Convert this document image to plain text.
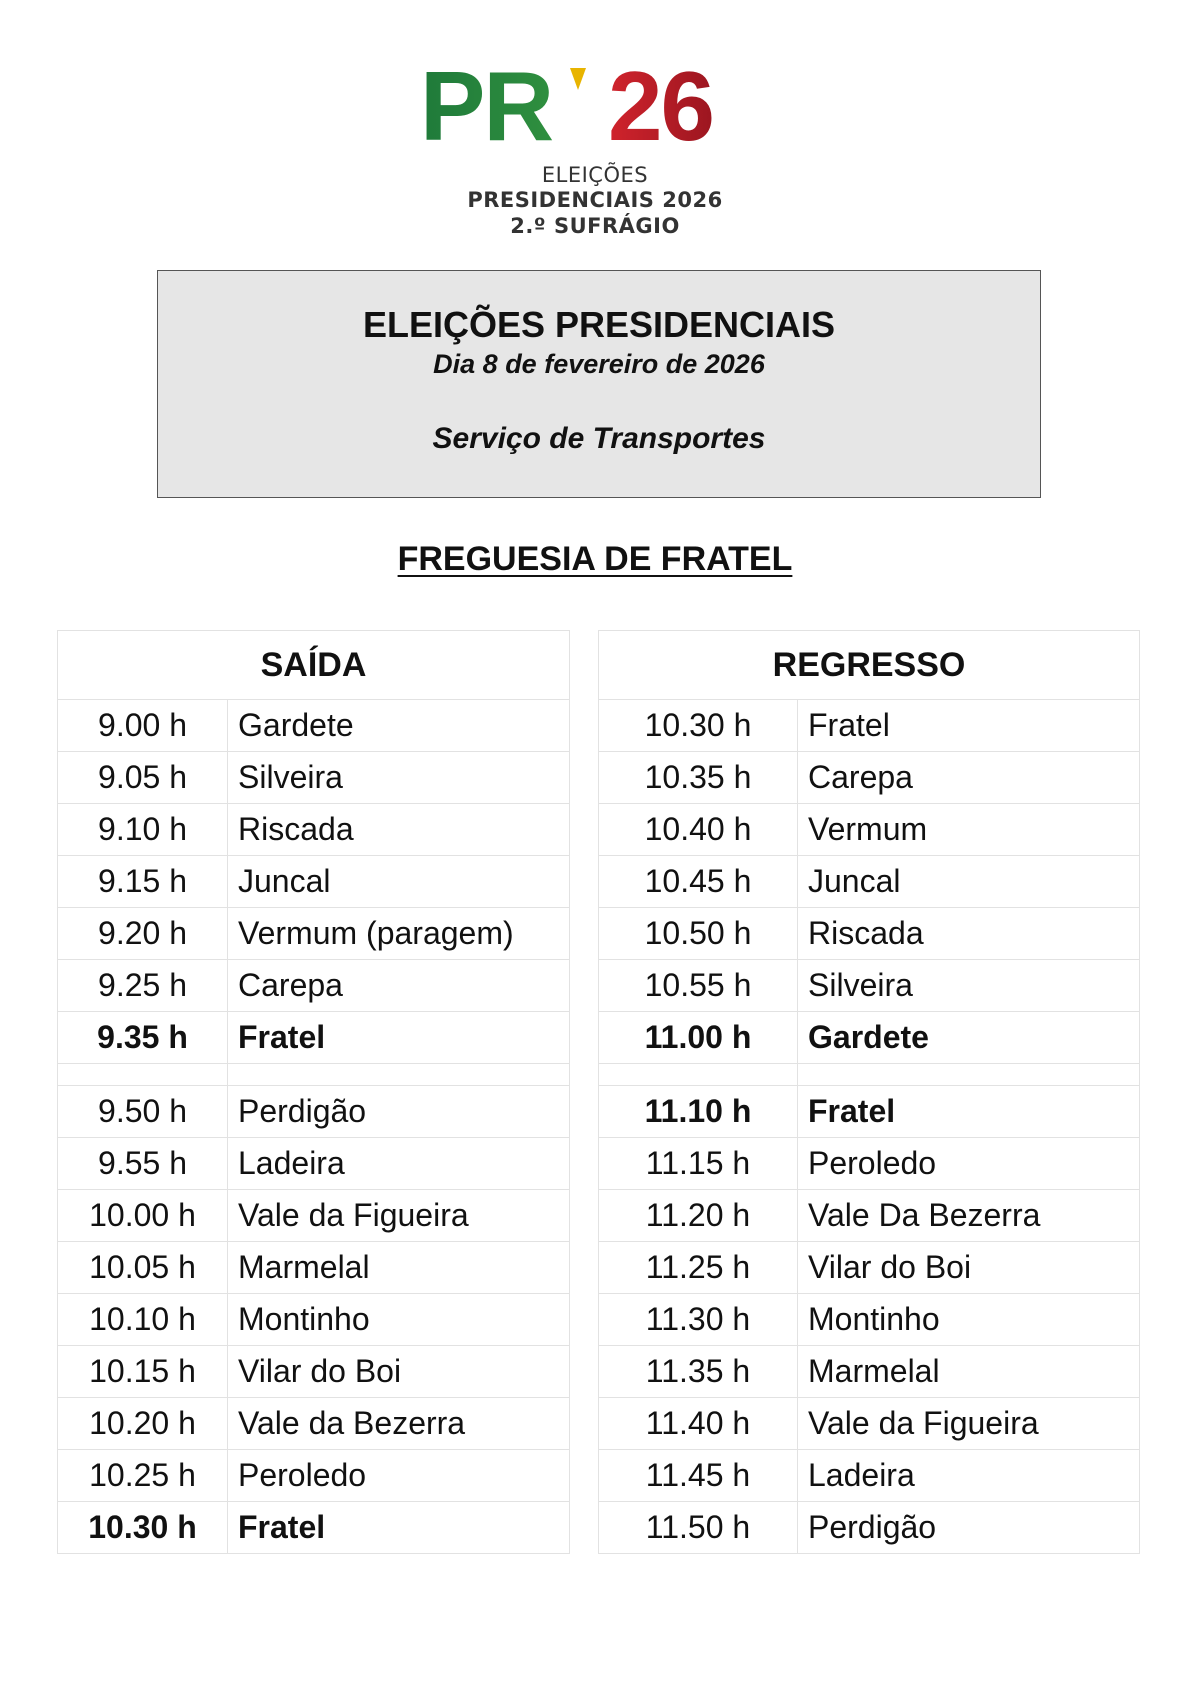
PR 26
ELEIÇÕES
PRESIDENCIAIS 2026
2.º SUFRÁGIO
ELEIÇÕES PRESIDENCIAIS
Dia 8 de fevereiro de 2026
Serviço de Transportes
FREGUESIA DE FRATEL
SAÍDA	
9.00 h	Gardete
9.05 h	Silveira
9.10 h	Riscada
9.15 h	Juncal
9.20 h	Vermum (paragem)
9.25 h	Carepa
9.35 h	Fratel

9.50 h	Perdigão
9.55 h	Ladeira
10.00 h	Vale da Figueira
10.05 h	Marmelal
10.10 h	Montinho
10.15 h	Vilar do Boi
10.20 h	Vale da Bezerra
10.25 h	Peroledo
10.30 h	Fratel
REGRESSO	
10.30 h	Fratel
10.35 h	Carepa
10.40 h	Vermum
10.45 h	Juncal
10.50 h	Riscada
10.55 h	Silveira
11.00 h	Gardete

11.10 h	Fratel
11.15 h	Peroledo
11.20 h	Vale Da Bezerra
11.25 h	Vilar do Boi
11.30 h	Montinho
11.35 h	Marmelal
11.40 h	Vale da Figueira
11.45 h	Ladeira
11.50 h	Perdigão
